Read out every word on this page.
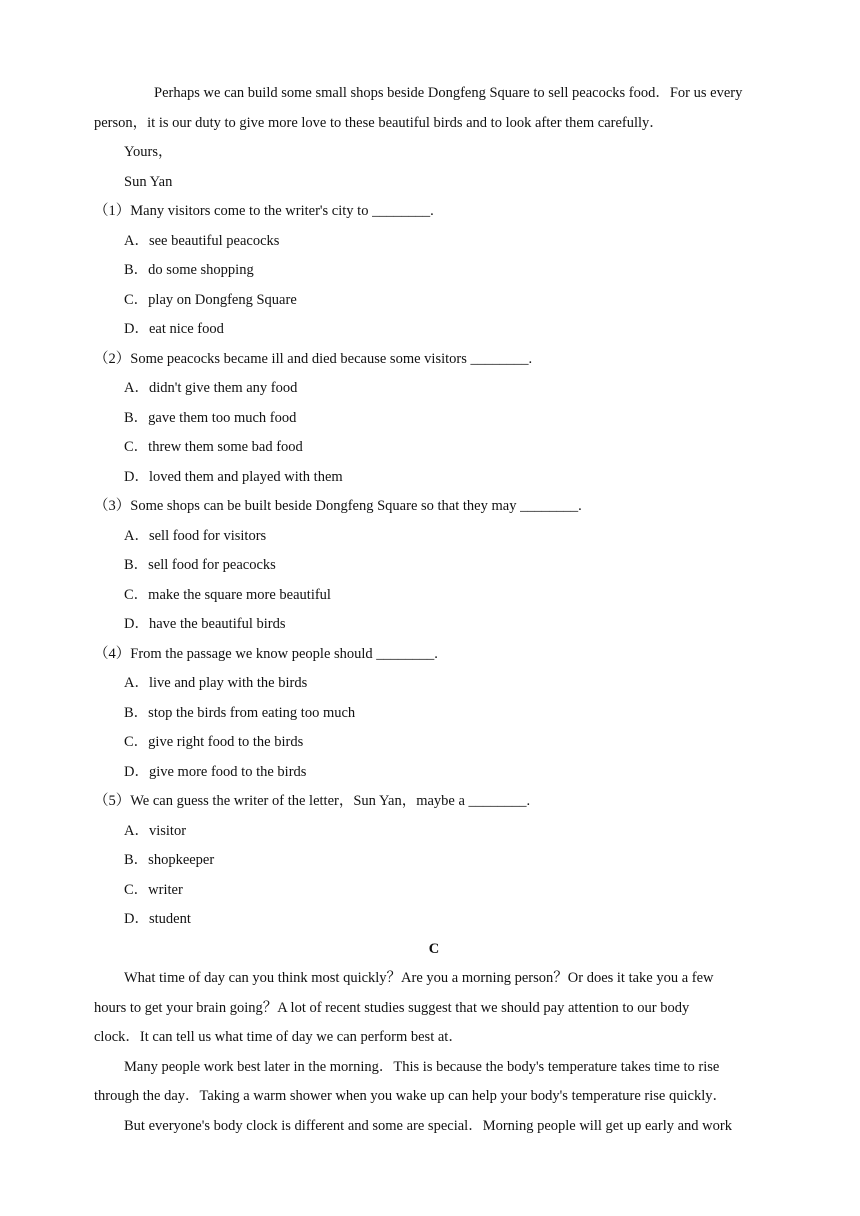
Perhaps we can build some small shops beside Dongfeng Square to sell peacocks food．For us every
person，it is our duty to give more love to these beautiful birds and to look after them carefully．
Yours，
Sun Yan
（1）Many visitors come to the writer's city to ________.
A．see beautiful peacocks
B．do some shopping
C．play on Dongfeng Square
D．eat nice food
（2）Some peacocks became ill and died because some visitors ________.
A．didn't give them any food
B．gave them too much food
C．threw them some bad food
D．loved them and played with them
（3）Some shops can be built beside Dongfeng Square so that they may ________.
A．sell food for visitors
B．sell food for peacocks
C．make the square more beautiful
D．have the beautiful birds
（4）From the passage we know people should ________.
A．live and play with the birds
B．stop the birds from eating too much
C．give right food to the birds
D．give more food to the birds
（5）We can guess the writer of the letter，Sun Yan，maybe a ________.
A．visitor
B．shopkeeper
C．writer
D．student
C
What time of day can you think most quickly？Are you a morning person？Or does it take you a few
hours to get your brain going？A lot of recent studies suggest that we should pay attention to our body
clock．It can tell us what time of day we can perform best at．
Many people work best later in the morning．This is because the body's temperature takes time to rise
through the day．Taking a warm shower when you wake up can help your body's temperature rise quickly．
But everyone's body clock is different and some are special．Morning people will get up early and work
